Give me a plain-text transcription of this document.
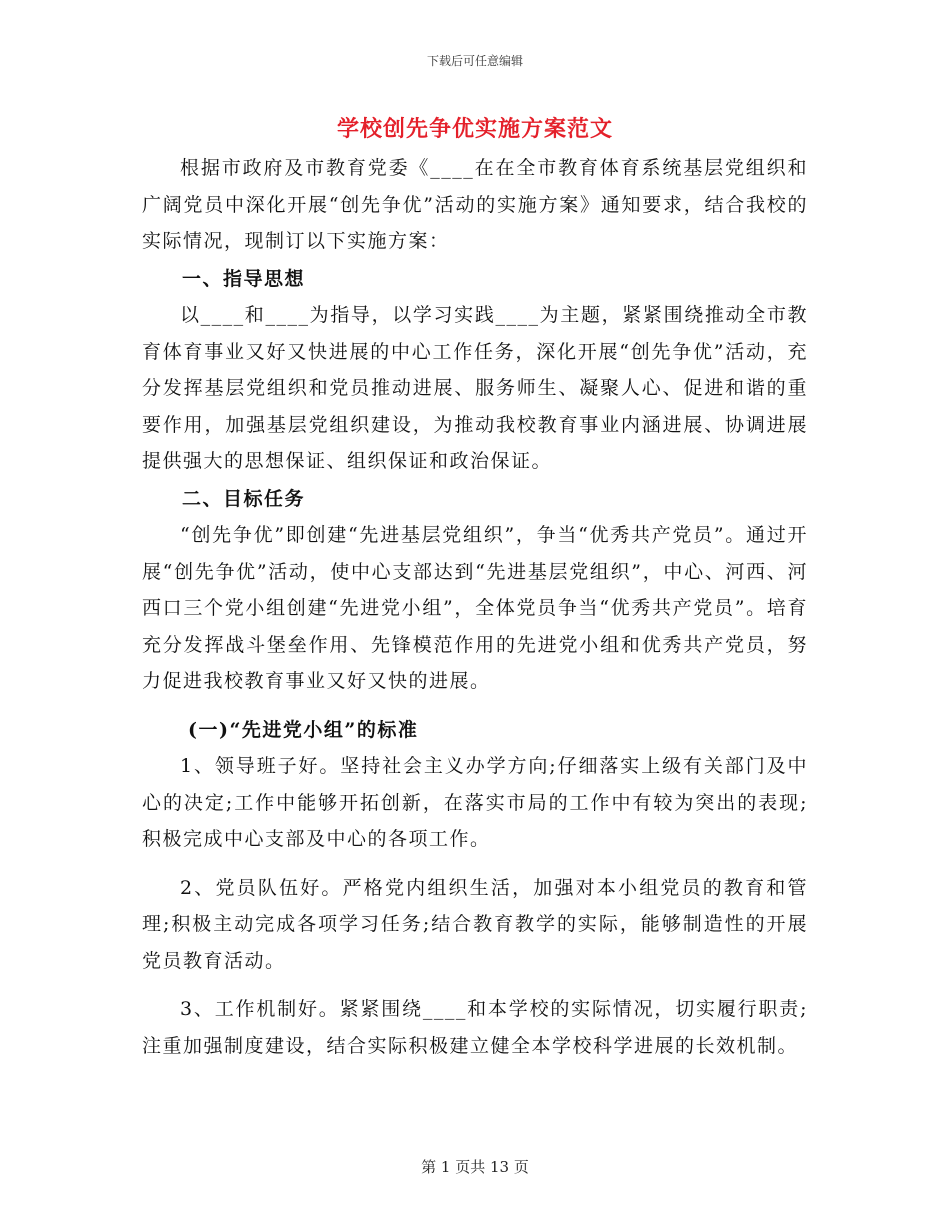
下载后可任意编辑
学校创先争优实施方案范文

根据市政府及市教育党委《____在在全市教育体育系统基层党组织和广阔党员中深化开展“创先争优”活动的实施方案》通知要求，结合我校的实际情况，现制订以下实施方案：

一、指导思想

以____和____为指导，以学习实践____为主题，紧紧围绕推动全市教育体育事业又好又快进展的中心工作任务，深化开展“创先争优”活动，充分发挥基层党组织和党员推动进展、服务师生、凝聚人心、促进和谐的重要作用，加强基层党组织建设，为推动我校教育事业内涵进展、协调进展提供强大的思想保证、组织保证和政治保证。

二、目标任务

“创先争优”即创建“先进基层党组织”，争当“优秀共产党员”。通过开展“创先争优”活动，使中心支部达到“先进基层党组织”，中心、河西、河西口三个党小组创建“先进党小组”，全体党员争当“优秀共产党员”。培育充分发挥战斗堡垒作用、先锋模范作用的先进党小组和优秀共产党员，努力促进我校教育事业又好又快的进展。

(一)“先进党小组”的标准

1、领导班子好。坚持社会主义办学方向;仔细落实上级有关部门及中心的决定;工作中能够开拓创新，在落实市局的工作中有较为突出的表现;积极完成中心支部及中心的各项工作。

2、党员队伍好。严格党内组织生活，加强对本小组党员的教育和管理;积极主动完成各项学习任务;结合教育教学的实际，能够制造性的开展党员教育活动。

3、工作机制好。紧紧围绕____和本学校的实际情况，切实履行职责;注重加强制度建设，结合实际积极建立健全本学校科学进展的长效机制。

第 1 页共 13 页
